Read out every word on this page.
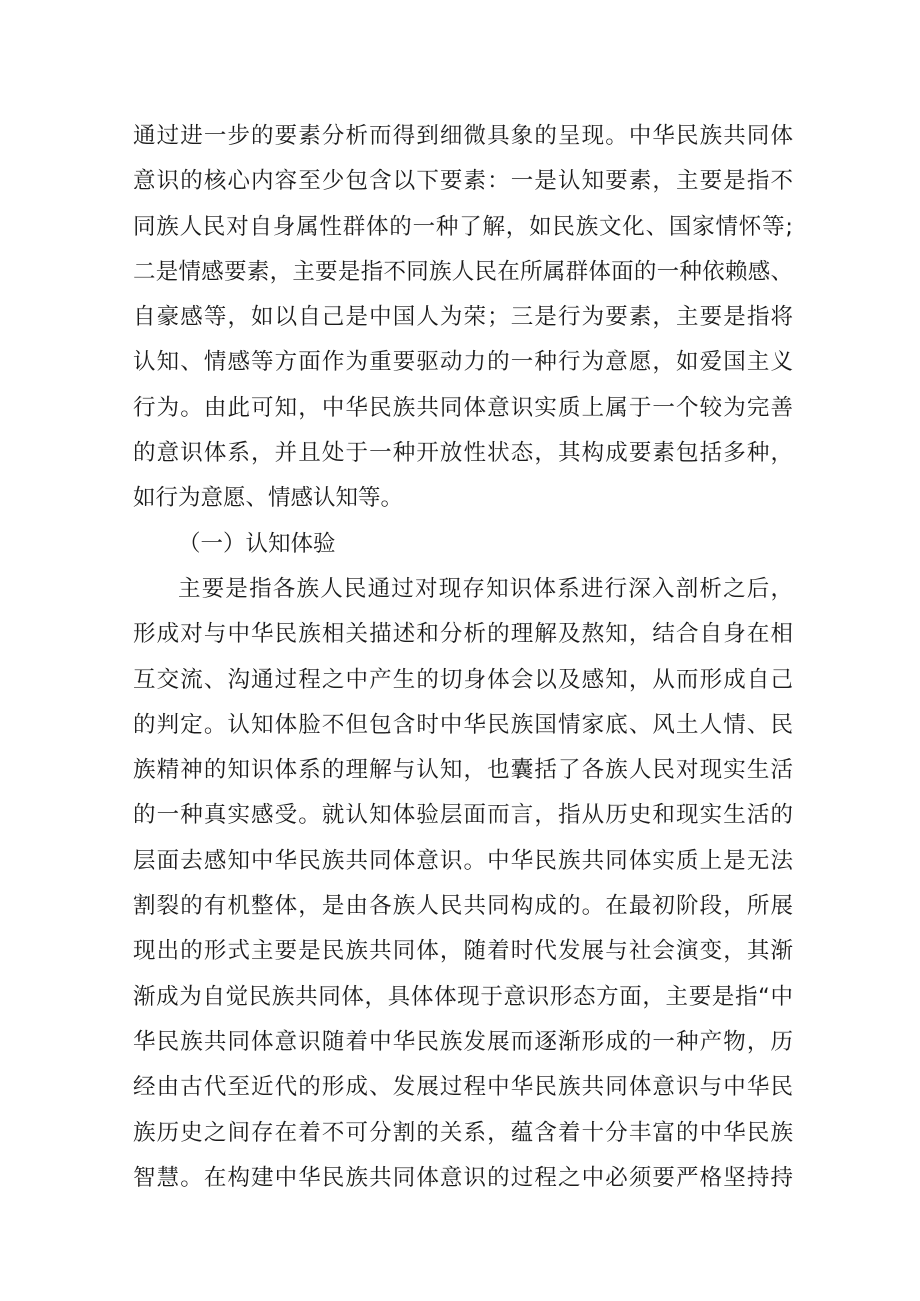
通过进一步的要素分析而得到细微具象的呈现。中华民族共同体
意识的核心内容至少包含以下要素：一是认知要素，主要是指不
同族人民对自身属性群体的一种了解，如民族文化、国家情怀等;
二是情感要素，主要是指不同族人民在所属群体面的一种依赖感、
自豪感等，如以自己是中国人为荣；三是行为要素，主要是指将
认知、情感等方面作为重要驱动力的一种行为意愿，如爱国主义
行为。由此可知，中华民族共同体意识实质上属于一个较为完善
的意识体系，并且处于一种开放性状态，其构成要素包括多种，
如行为意愿、情感认知等。
（一）认知体验
主要是指各族人民通过对现存知识体系进行深入剖析之后，
形成对与中华民族相关描述和分析的理解及熬知，结合自身在相
互交流、沟通过程之中产生的切身体会以及感知，从而形成自己
的判定。认知体脸不但包含时中华民族国情家底、风土人情、民
族精神的知识体系的理解与认知，也囊括了各族人民对现实生活
的一种真实感受。就认知体验层面而言，指从历史和现实生活的
层面去感知中华民族共同体意识。中华民族共同体实质上是无法
割裂的有机整体，是由各族人民共同构成的。在最初阶段，所展
现出的形式主要是民族共同体，随着时代发展与社会演变，其渐
渐成为自觉民族共同体，具体体现于意识形态方面，主要是指“中
华民族共同体意识随着中华民族发展而逐渐形成的一种产物，历
经由古代至近代的形成、发展过程中华民族共同体意识与中华民
族历史之间存在着不可分割的关系，蕴含着十分丰富的中华民族
智慧。在构建中华民族共同体意识的过程之中必须要严格坚持持
